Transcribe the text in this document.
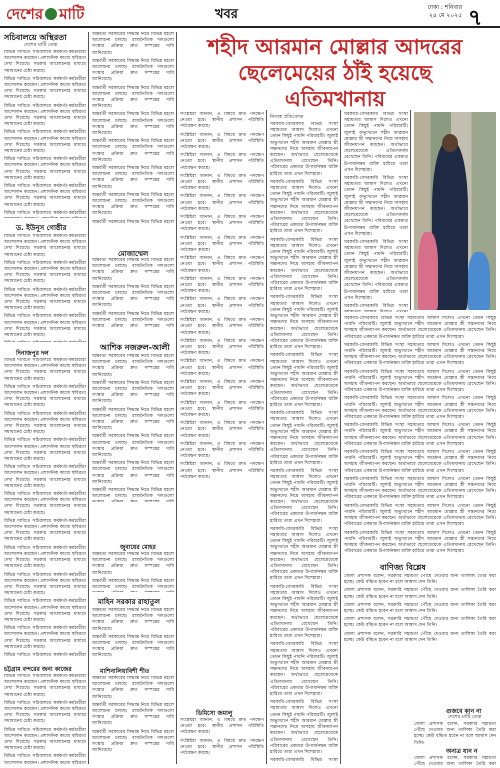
দেশের মাটি	খবর	ঢাকা : শনিবার
২৪ মে ২০২৫ ৭
শহীদ আরমান মোল্লার আদরের
ছেলেমেয়ের ঠাঁই হয়েছে
এতিমখানায়
নিজস্ব প্রতিবেদক
সরকারি-বেসরকারি বিভিন্ন সংস্থা সহায়তার আশ্বাস দিলেও এখনো তেমন কিছুই পায়নি পরিবারটি। জুলাই অভ্যুত্থানে শহীদ আরমান মোল্লার স্ত্রী সন্তানদের নিয়ে অসহায় জীবনযাপন করছেন। অর্থাভাবে ছেলেমেয়েকে এতিমখানায় রেখেছেন তিনি। পরিবারের একমাত্র উপার্জনক্ষম ব্যক্তি হারিয়ে তারা এখন দিশেহারা।
সরকারি-বেসরকারি বিভিন্ন সংস্থা সহায়তার আশ্বাস দিলেও এখনো তেমন কিছুই পায়নি পরিবারটি। জুলাই অভ্যুত্থানে শহীদ আরমান মোল্লার স্ত্রী সন্তানদের নিয়ে অসহায় জীবনযাপন করছেন। অর্থাভাবে ছেলেমেয়েকে এতিমখানায় রেখেছেন তিনি। পরিবারের একমাত্র উপার্জনক্ষম ব্যক্তি হারিয়ে তারা এখন দিশেহারা।
সরকারি-বেসরকারি বিভিন্ন সংস্থা সহায়তার আশ্বাস দিলেও এখনো তেমন কিছুই পায়নি পরিবারটি। জুলাই অভ্যুত্থানে শহীদ আরমান মোল্লার স্ত্রী সন্তানদের নিয়ে অসহায় জীবনযাপন করছেন। অর্থাভাবে ছেলেমেয়েকে এতিমখানায় রেখেছেন তিনি। পরিবারের একমাত্র উপার্জনক্ষম ব্যক্তি হারিয়ে তারা এখন দিশেহারা।
সরকারি-বেসরকারি বিভিন্ন সংস্থা সহায়তার আশ্বাস দিলেও এখনো তেমন কিছুই পায়নি পরিবারটি। জুলাই অভ্যুত্থানে শহীদ আরমান মোল্লার স্ত্রী সন্তানদের নিয়ে অসহায় জীবনযাপন করছেন। অর্থাভাবে ছেলেমেয়েকে এতিমখানায় রেখেছেন তিনি। পরিবারের একমাত্র উপার্জনক্ষম ব্যক্তি হারিয়ে তারা এখন দিশেহারা।
সরকারি-বেসরকারি বিভিন্ন সংস্থা সহায়তার আশ্বাস দিলেও এখনো তেমন কিছুই পায়নি পরিবারটি। জুলাই অভ্যুত্থানে শহীদ আরমান মোল্লার স্ত্রী সন্তানদের নিয়ে অসহায় জীবনযাপন করছেন। অর্থাভাবে ছেলেমেয়েকে এতিমখানায় রেখেছেন তিনি। পরিবারের একমাত্র উপার্জনক্ষম ব্যক্তি হারিয়ে তারা এখন দিশেহারা।
সরকারি-বেসরকারি বিভিন্ন সংস্থা সহায়তার আশ্বাস দিলেও এখনো তেমন কিছুই পায়নি পরিবারটি। জুলাই অভ্যুত্থানে শহীদ আরমান মোল্লার স্ত্রী সন্তানদের নিয়ে অসহায় জীবনযাপন করছেন। অর্থাভাবে ছেলেমেয়েকে এতিমখানায় রেখেছেন তিনি। পরিবারের একমাত্র উপার্জনক্ষম ব্যক্তি হারিয়ে তারা এখন দিশেহারা।
সরকারি-বেসরকারি বিভিন্ন সংস্থা সহায়তার আশ্বাস দিলেও এখনো তেমন কিছুই পায়নি পরিবারটি। জুলাই অভ্যুত্থানে শহীদ আরমান মোল্লার স্ত্রী সন্তানদের নিয়ে অসহায় জীবনযাপন করছেন। অর্থাভাবে ছেলেমেয়েকে এতিমখানায় রেখেছেন তিনি। পরিবারের একমাত্র উপার্জনক্ষম ব্যক্তি হারিয়ে তারা এখন দিশেহারা।
সরকারি-বেসরকারি বিভিন্ন সংস্থা সহায়তার আশ্বাস দিলেও এখনো তেমন কিছুই পায়নি পরিবারটি। জুলাই অভ্যুত্থানে শহীদ আরমান মোল্লার স্ত্রী সন্তানদের নিয়ে অসহায় জীবনযাপন করছেন। অর্থাভাবে ছেলেমেয়েকে এতিমখানায় রেখেছেন তিনি। পরিবারের একমাত্র উপার্জনক্ষম ব্যক্তি হারিয়ে তারা এখন দিশেহারা।
সরকারি-বেসরকারি বিভিন্ন সংস্থা সহায়তার আশ্বাস দিলেও এখনো তেমন কিছুই পায়নি পরিবারটি। জুলাই অভ্যুত্থানে শহীদ আরমান মোল্লার স্ত্রী সন্তানদের নিয়ে অসহায় জীবনযাপন করছেন। অর্থাভাবে ছেলেমেয়েকে এতিমখানায় রেখেছেন তিনি। পরিবারের একমাত্র উপার্জনক্ষম ব্যক্তি হারিয়ে তারা এখন দিশেহারা।
সরকারি-বেসরকারি বিভিন্ন সংস্থা সহায়তার আশ্বাস দিলেও এখনো তেমন কিছুই পায়নি পরিবারটি। জুলাই অভ্যুত্থানে শহীদ আরমান মোল্লার স্ত্রী সন্তানদের নিয়ে অসহায় জীবনযাপন করছেন। অর্থাভাবে ছেলেমেয়েকে এতিমখানায় রেখেছেন তিনি। পরিবারের একমাত্র উপার্জনক্ষম ব্যক্তি হারিয়ে তারা এখন দিশেহারা।
সরকারি-বেসরকারি বিভিন্ন সংস্থা সহায়তার আশ্বাস দিলেও এখনো তেমন কিছুই পায়নি পরিবারটি। জুলাই অভ্যুত্থানে শহীদ আরমান মোল্লার স্ত্রী সন্তানদের নিয়ে অসহায় জীবনযাপন করছেন। অর্থাভাবে ছেলেমেয়েকে এতিমখানায় রেখেছেন তিনি। পরিবারের একমাত্র উপার্জনক্ষম ব্যক্তি হারিয়ে তারা এখন দিশেহারা।
সরকারি-বেসরকারি বিভিন্ন সংস্থা
সরকারি-বেসরকারি বিভিন্ন সংস্থা সহায়তার আশ্বাস দিলেও এখনো তেমন কিছুই পায়নি পরিবারটি। জুলাই অভ্যুত্থানে শহীদ আরমান মোল্লার স্ত্রী সন্তানদের নিয়ে অসহায় জীবনযাপন করছেন। অর্থাভাবে ছেলেমেয়েকে এতিমখানায় রেখেছেন তিনি। পরিবারের একমাত্র উপার্জনক্ষম ব্যক্তি হারিয়ে তারা এখন দিশেহারা।
সরকারি-বেসরকারি বিভিন্ন সংস্থা সহায়তার আশ্বাস দিলেও এখনো তেমন কিছুই পায়নি পরিবারটি। জুলাই অভ্যুত্থানে শহীদ আরমান মোল্লার স্ত্রী সন্তানদের নিয়ে অসহায় জীবনযাপন করছেন। অর্থাভাবে ছেলেমেয়েকে এতিমখানায় রেখেছেন তিনি। পরিবারের একমাত্র উপার্জনক্ষম ব্যক্তি হারিয়ে তারা এখন দিশেহারা।
সরকারি-বেসরকারি বিভিন্ন সংস্থা সহায়তার আশ্বাস দিলেও এখনো তেমন কিছুই পায়নি পরিবারটি। জুলাই অভ্যুত্থানে শহীদ আরমান মোল্লার স্ত্রী সন্তানদের নিয়ে অসহায় জীবনযাপন করছেন। অর্থাভাবে ছেলেমেয়েকে এতিমখানায় রেখেছেন তিনি। পরিবারের একমাত্র উপার্জনক্ষম ব্যক্তি হারিয়ে তারা এখন দিশেহারা।
সরকারি-বেসরকারি বিভিন্ন সংস্থা
সরকারি-বেসরকারি বিভিন্ন সংস্থা সহায়তার আশ্বাস দিলেও এখনো তেমন কিছুই পায়নি পরিবারটি। জুলাই অভ্যুত্থানে শহীদ আরমান মোল্লার স্ত্রী সন্তানদের নিয়ে অসহায় জীবনযাপন করছেন। অর্থাভাবে ছেলেমেয়েকে এতিমখানায় রেখেছেন তিনি। পরিবারের একমাত্র উপার্জনক্ষম ব্যক্তি হারিয়ে তারা এখন দিশেহারা।
সরকারি-বেসরকারি বিভিন্ন সংস্থা সহায়তার আশ্বাস দিলেও এখনো তেমন কিছুই পায়নি পরিবারটি। জুলাই অভ্যুত্থানে শহীদ আরমান মোল্লার স্ত্রী সন্তানদের নিয়ে অসহায় জীবনযাপন করছেন। অর্থাভাবে ছেলেমেয়েকে এতিমখানায় রেখেছেন তিনি। পরিবারের একমাত্র উপার্জনক্ষম ব্যক্তি হারিয়ে তারা এখন দিশেহারা।
সরকারি-বেসরকারি বিভিন্ন সংস্থা সহায়তার আশ্বাস দিলেও এখনো তেমন কিছুই পায়নি পরিবারটি। জুলাই অভ্যুত্থানে শহীদ আরমান মোল্লার স্ত্রী সন্তানদের নিয়ে অসহায় জীবনযাপন করছেন। অর্থাভাবে ছেলেমেয়েকে এতিমখানায় রেখেছেন তিনি। পরিবারের একমাত্র উপার্জনক্ষম ব্যক্তি হারিয়ে তারা এখন দিশেহারা।
সরকারি-বেসরকারি বিভিন্ন সংস্থা সহায়তার আশ্বাস দিলেও এখনো তেমন কিছুই পায়নি পরিবারটি। জুলাই অভ্যুত্থানে শহীদ আরমান মোল্লার স্ত্রী সন্তানদের নিয়ে অসহায় জীবনযাপন করছেন। অর্থাভাবে ছেলেমেয়েকে এতিমখানায় রেখেছেন তিনি। পরিবারের একমাত্র উপার্জনক্ষম ব্যক্তি হারিয়ে তারা এখন দিশেহারা।
সরকারি-বেসরকারি বিভিন্ন সংস্থা সহায়তার আশ্বাস দিলেও এখনো তেমন কিছুই পায়নি পরিবারটি। জুলাই অভ্যুত্থানে শহীদ আরমান মোল্লার স্ত্রী সন্তানদের নিয়ে অসহায় জীবনযাপন করছেন। অর্থাভাবে ছেলেমেয়েকে এতিমখানায় রেখেছেন তিনি। পরিবারের একমাত্র উপার্জনক্ষম ব্যক্তি হারিয়ে তারা এখন দিশেহারা।
সরকারি-বেসরকারি বিভিন্ন সংস্থা সহায়তার আশ্বাস দিলেও এখনো তেমন কিছুই পায়নি পরিবারটি। জুলাই অভ্যুত্থানে শহীদ আরমান মোল্লার স্ত্রী সন্তানদের নিয়ে অসহায় জীবনযাপন করছেন। অর্থাভাবে ছেলেমেয়েকে এতিমখানায় রেখেছেন তিনি। পরিবারের একমাত্র উপার্জনক্ষম ব্যক্তি হারিয়ে তারা এখন দিশেহারা।
সরকারি-বেসরকারি বিভিন্ন সংস্থা সহায়তার আশ্বাস দিলেও এখনো তেমন কিছুই পায়নি পরিবারটি। জুলাই অভ্যুত্থানে শহীদ আরমান মোল্লার স্ত্রী সন্তানদের নিয়ে অসহায় জীবনযাপন করছেন। অর্থাভাবে ছেলেমেয়েকে এতিমখানায় রেখেছেন তিনি। পরিবারের একমাত্র উপার্জনক্ষম ব্যক্তি হারিয়ে তারা এখন দিশেহারা।
সরকারি-বেসরকারি বিভিন্ন সংস্থা সহায়তার আশ্বাস দিলেও এখনো তেমন কিছুই পায়নি পরিবারটি। জুলাই অভ্যুত্থানে শহীদ আরমান মোল্লার স্ত্রী সন্তানদের নিয়ে অসহায় জীবনযাপন করছেন। অর্থাভাবে ছেলেমেয়েকে এতিমখানায় রেখেছেন তিনি। পরিবারের একমাত্র উপার্জনক্ষম ব্যক্তি হারিয়ে তারা এখন দিশেহারা।
সরকারি-বেসরকারি বিভিন্ন সংস্থা সহায়তার আশ্বাস দিলেও এখনো তেমন কিছুই পায়নি পরিবারটি। জুলাই অভ্যুত্থানে শহীদ আরমান মোল্লার স্ত্রী সন্তানদের নিয়ে অসহায় জীবনযাপন করছেন। অর্থাভাবে ছেলেমেয়েকে এতিমখানায় রেখেছেন তিনি। পরিবারের একমাত্র উপার্জনক্ষম ব্যক্তি হারিয়ে তারা এখন দিশেহারা।
সচিবালয়ে অস্থিরতা
দেশের মাটি ডেস্ক
বিভিন্ন দাবিতে সচিবালয়ে কর্মকর্তা-কর্মচারীরা আন্দোলন করছেন। প্রশাসনিক কাজে স্থবিরতা দেখা দিয়েছে। সরকার আলোচনার মাধ্যমে সমাধানের চেষ্টা করছে।
বিভিন্ন দাবিতে সচিবালয়ে কর্মকর্তা-কর্মচারীরা আন্দোলন করছেন। প্রশাসনিক কাজে স্থবিরতা দেখা দিয়েছে। সরকার আলোচনার মাধ্যমে সমাধানের চেষ্টা করছে।
বিভিন্ন দাবিতে সচিবালয়ে কর্মকর্তা-কর্মচারীরা আন্দোলন করছেন। প্রশাসনিক কাজে স্থবিরতা দেখা দিয়েছে। সরকার আলোচনার মাধ্যমে সমাধানের চেষ্টা করছে।
বিভিন্ন দাবিতে সচিবালয়ে কর্মকর্তা-কর্মচারীরা আন্দোলন করছেন। প্রশাসনিক কাজে স্থবিরতা দেখা দিয়েছে। সরকার আলোচনার মাধ্যমে সমাধানের চেষ্টা করছে।
বিভিন্ন দাবিতে সচিবালয়ে কর্মকর্তা-কর্মচারীরা আন্দোলন করছেন। প্রশাসনিক কাজে স্থবিরতা দেখা দিয়েছে। সরকার আলোচনার মাধ্যমে সমাধানের চেষ্টা করছে।
বিভিন্ন দাবিতে সচিবালয়ে কর্মকর্তা-কর্মচারীরা আন্দোলন করছেন। প্রশাসনিক কাজে স্থবিরতা দেখা দিয়েছে। সরকার আলোচনার মাধ্যমে সমাধানের চেষ্টা করছে।
বিভিন্ন দাবিতে সচিবালয়ে কর্মকর্তা-কর্মচারীরা
ড. ইউনূস গোষ্ঠীর
বিভিন্ন দাবিতে সচিবালয়ে কর্মকর্তা-কর্মচারীরা আন্দোলন করছেন। প্রশাসনিক কাজে স্থবিরতা দেখা দিয়েছে। সরকার আলোচনার মাধ্যমে সমাধানের চেষ্টা করছে।
বিভিন্ন দাবিতে সচিবালয়ে কর্মকর্তা-কর্মচারীরা আন্দোলন করছেন। প্রশাসনিক কাজে স্থবিরতা দেখা দিয়েছে। সরকার আলোচনার মাধ্যমে সমাধানের চেষ্টা করছে।
বিভিন্ন দাবিতে সচিবালয়ে কর্মকর্তা-কর্মচারীরা আন্দোলন করছেন। প্রশাসনিক কাজে স্থবিরতা দেখা দিয়েছে। সরকার আলোচনার মাধ্যমে সমাধানের চেষ্টা করছে।
বিভিন্ন দাবিতে সচিবালয়ে কর্মকর্তা-কর্মচারীরা আন্দোলন করছেন। প্রশাসনিক কাজে স্থবিরতা দেখা দিয়েছে। সরকার আলোচনার মাধ্যমে সমাধানের চেষ্টা করছে।
দিনাজপুর দল
বিভিন্ন দাবিতে সচিবালয়ে কর্মকর্তা-কর্মচারীরা আন্দোলন করছেন। প্রশাসনিক কাজে স্থবিরতা দেখা দিয়েছে। সরকার আলোচনার মাধ্যমে সমাধানের চেষ্টা করছে।
বিভিন্ন দাবিতে সচিবালয়ে কর্মকর্তা-কর্মচারীরা আন্দোলন করছেন। প্রশাসনিক কাজে স্থবিরতা দেখা দিয়েছে। সরকার আলোচনার মাধ্যমে সমাধানের চেষ্টা করছে।
বিভিন্ন দাবিতে সচিবালয়ে কর্মকর্তা-কর্মচারীরা আন্দোলন করছেন। প্রশাসনিক কাজে স্থবিরতা দেখা দিয়েছে। সরকার আলোচনার মাধ্যমে সমাধানের চেষ্টা করছে।
বিভিন্ন দাবিতে সচিবালয়ে কর্মকর্তা-কর্মচারীরা আন্দোলন করছেন। প্রশাসনিক কাজে স্থবিরতা দেখা দিয়েছে। সরকার আলোচনার মাধ্যমে সমাধানের চেষ্টা করছে।
বিভিন্ন দাবিতে সচিবালয়ে কর্মকর্তা-কর্মচারীরা আন্দোলন করছেন। প্রশাসনিক কাজে স্থবিরতা দেখা দিয়েছে। সরকার আলোচনার মাধ্যমে সমাধানের চেষ্টা করছে।
বিভিন্ন দাবিতে সচিবালয়ে কর্মকর্তা-কর্মচারীরা আন্দোলন করছেন। প্রশাসনিক কাজে স্থবিরতা দেখা দিয়েছে। সরকার আলোচনার মাধ্যমে সমাধানের চেষ্টা করছে।
বিভিন্ন দাবিতে সচিবালয়ে কর্মকর্তা-কর্মচারীরা আন্দোলন করছেন। প্রশাসনিক কাজে স্থবিরতা দেখা দিয়েছে। সরকার আলোচনার মাধ্যমে সমাধানের চেষ্টা করছে।
বিভিন্ন দাবিতে সচিবালয়ে কর্মকর্তা-কর্মচারীরা আন্দোলন করছেন। প্রশাসনিক কাজে স্থবিরতা দেখা দিয়েছে। সরকার আলোচনার মাধ্যমে সমাধানের চেষ্টা করছে।
বিভিন্ন দাবিতে সচিবালয়ে কর্মকর্তা-কর্মচারীরা আন্দোলন করছেন। প্রশাসনিক কাজে স্থবিরতা দেখা দিয়েছে। সরকার আলোচনার মাধ্যমে সমাধানের চেষ্টা করছে।
বিভিন্ন দাবিতে সচিবালয়ে কর্মকর্তা-কর্মচারীরা আন্দোলন করছেন। প্রশাসনিক কাজে স্থবিরতা দেখা দিয়েছে। সরকার আলোচনার মাধ্যমে সমাধানের চেষ্টা করছে।
বিভিন্ন দাবিতে সচিবালয়ে কর্মকর্তা-কর্মচারীরা আন্দোলন করছেন। প্রশাসনিক কাজে স্থবিরতা দেখা দিয়েছে। সরকার আলোচনার মাধ্যমে সমাধানের চেষ্টা করছে।
বিভিন্ন দাবিতে সচিবালয়ে কর্মকর্তা-কর্মচারীরা
চট্টগ্রাম বন্দরের জন্য কাজের
বিভিন্ন দাবিতে সচিবালয়ে কর্মকর্তা-কর্মচারীরা আন্দোলন করছেন। প্রশাসনিক কাজে স্থবিরতা দেখা দিয়েছে। সরকার আলোচনার মাধ্যমে সমাধানের চেষ্টা করছে।
বিভিন্ন দাবিতে সচিবালয়ে কর্মকর্তা-কর্মচারীরা আন্দোলন করছেন। প্রশাসনিক কাজে স্থবিরতা দেখা দিয়েছে। সরকার আলোচনার মাধ্যমে সমাধানের চেষ্টা করছে।
বিভিন্ন দাবিতে সচিবালয়ে কর্মকর্তা-কর্মচারীরা আন্দোলন করছেন। প্রশাসনিক কাজে স্থবিরতা দেখা দিয়েছে। সরকার আলোচনার মাধ্যমে সমাধানের চেষ্টা করছে।
বিভিন্ন দাবিতে সচিবালয়ে কর্মকর্তা-কর্মচারীরা আন্দোলন করছেন। প্রশাসনিক কাজে স্থবিরতা
অন্তর্বর্তী সরকারের সিদ্ধান্ত নিয়ে বিভিন্ন মহলে আলোচনা চলছে। রাজনৈতিক দলগুলো সংস্কার প্রক্রিয়া দ্রুত সম্পন্নের দাবি জানিয়েছে।
অন্তর্বর্তী সরকারের সিদ্ধান্ত নিয়ে বিভিন্ন মহলে আলোচনা চলছে। রাজনৈতিক দলগুলো সংস্কার প্রক্রিয়া দ্রুত সম্পন্নের দাবি জানিয়েছে।
অন্তর্বর্তী সরকারের সিদ্ধান্ত নিয়ে বিভিন্ন মহলে আলোচনা চলছে। রাজনৈতিক দলগুলো সংস্কার প্রক্রিয়া দ্রুত সম্পন্নের দাবি জানিয়েছে।
অন্তর্বর্তী সরকারের সিদ্ধান্ত নিয়ে বিভিন্ন মহলে আলোচনা চলছে। রাজনৈতিক দলগুলো সংস্কার প্রক্রিয়া দ্রুত সম্পন্নের দাবি জানিয়েছে।
অন্তর্বর্তী সরকারের সিদ্ধান্ত নিয়ে বিভিন্ন মহলে আলোচনা চলছে। রাজনৈতিক দলগুলো সংস্কার প্রক্রিয়া দ্রুত সম্পন্নের দাবি জানিয়েছে।
অন্তর্বর্তী সরকারের সিদ্ধান্ত নিয়ে বিভিন্ন মহলে আলোচনা চলছে। রাজনৈতিক দলগুলো সংস্কার প্রক্রিয়া দ্রুত সম্পন্নের দাবি জানিয়েছে।
অন্তর্বর্তী সরকারের সিদ্ধান্ত নিয়ে বিভিন্ন মহলে আলোচনা চলছে। রাজনৈতিক দলগুলো সংস্কার প্রক্রিয়া দ্রুত সম্পন্নের দাবি জানিয়েছে।
অন্তর্বর্তী সরকারের সিদ্ধান্ত নিয়ে বিভিন্ন মহলে
মোজাম্মেল
অন্তর্বর্তী সরকারের সিদ্ধান্ত নিয়ে বিভিন্ন মহলে আলোচনা চলছে। রাজনৈতিক দলগুলো সংস্কার প্রক্রিয়া দ্রুত সম্পন্নের দাবি জানিয়েছে।
অন্তর্বর্তী সরকারের সিদ্ধান্ত নিয়ে বিভিন্ন মহলে আলোচনা চলছে। রাজনৈতিক দলগুলো সংস্কার প্রক্রিয়া দ্রুত সম্পন্নের দাবি জানিয়েছে।
অন্তর্বর্তী সরকারের সিদ্ধান্ত নিয়ে বিভিন্ন মহলে আলোচনা চলছে। রাজনৈতিক দলগুলো সংস্কার প্রক্রিয়া দ্রুত সম্পন্নের দাবি
আশিক নজরুল-আলী
অন্তর্বর্তী সরকারের সিদ্ধান্ত নিয়ে বিভিন্ন মহলে আলোচনা চলছে। রাজনৈতিক দলগুলো সংস্কার প্রক্রিয়া দ্রুত সম্পন্নের দাবি জানিয়েছে।
অন্তর্বর্তী সরকারের সিদ্ধান্ত নিয়ে বিভিন্ন মহলে আলোচনা চলছে। রাজনৈতিক দলগুলো সংস্কার প্রক্রিয়া দ্রুত সম্পন্নের দাবি জানিয়েছে।
অন্তর্বর্তী সরকারের সিদ্ধান্ত নিয়ে বিভিন্ন মহলে আলোচনা চলছে। রাজনৈতিক দলগুলো সংস্কার প্রক্রিয়া দ্রুত সম্পন্নের দাবি জানিয়েছে।
অন্তর্বর্তী সরকারের সিদ্ধান্ত নিয়ে বিভিন্ন মহলে আলোচনা চলছে। রাজনৈতিক দলগুলো সংস্কার প্রক্রিয়া দ্রুত সম্পন্নের দাবি জানিয়েছে।
অন্তর্বর্তী সরকারের সিদ্ধান্ত নিয়ে বিভিন্ন মহলে আলোচনা চলছে। রাজনৈতিক দলগুলো সংস্কার প্রক্রিয়া দ্রুত সম্পন্নের দাবি জানিয়েছে।
অন্তর্বর্তী সরকারের সিদ্ধান্ত নিয়ে বিভিন্ন মহলে আলোচনা চলছে। রাজনৈতিক দলগুলো
জুবায়ের মোহর
অন্তর্বর্তী সরকারের সিদ্ধান্ত নিয়ে বিভিন্ন মহলে আলোচনা চলছে। রাজনৈতিক দলগুলো সংস্কার প্রক্রিয়া দ্রুত সম্পন্নের দাবি জানিয়েছে।
অন্তর্বর্তী সরকারের সিদ্ধান্ত নিয়ে বিভিন্ন মহলে আলোচনা চলছে। রাজনৈতিক দলগুলো
মাহিন সরকার রাহাতুল
অন্তর্বর্তী সরকারের সিদ্ধান্ত নিয়ে বিভিন্ন মহলে আলোচনা চলছে। রাজনৈতিক দলগুলো সংস্কার প্রক্রিয়া দ্রুত সম্পন্নের দাবি জানিয়েছে।
অন্তর্বর্তী সরকারের সিদ্ধান্ত নিয়ে বিভিন্ন মহলে আলোচনা চলছে। রাজনৈতিক দলগুলো সংস্কার প্রক্রিয়া দ্রুত সম্পন্নের দাবি জানিয়েছে।
মাশিনালিয়াবিশী শীত
অন্তর্বর্তী সরকারের সিদ্ধান্ত নিয়ে বিভিন্ন মহলে আলোচনা চলছে। রাজনৈতিক দলগুলো সংস্কার প্রক্রিয়া দ্রুত সম্পন্নের দাবি জানিয়েছে।
অন্তর্বর্তী সরকারের সিদ্ধান্ত নিয়ে বিভিন্ন মহলে আলোচনা চলছে। রাজনৈতিক দলগুলো সংস্কার প্রক্রিয়া দ্রুত সম্পন্নের দাবি জানিয়েছে।
অন্তর্বর্তী সরকারের সিদ্ধান্ত নিয়ে বিভিন্ন মহলে আলোচনা চলছে। রাজনৈতিক দলগুলো সংস্কার প্রক্রিয়া দ্রুত সম্পন্নের দাবি জানিয়েছে।
সংশ্লিষ্টরা জানান, এ বিষয়ে দ্রুত পদক্ষেপ নেওয়া হবে। স্থানীয় প্রশাসন পরিস্থিতি পর্যবেক্ষণ করছে।
সংশ্লিষ্টরা জানান, এ বিষয়ে দ্রুত পদক্ষেপ নেওয়া হবে। স্থানীয় প্রশাসন পরিস্থিতি পর্যবেক্ষণ করছে।
সংশ্লিষ্টরা জানান, এ বিষয়ে দ্রুত পদক্ষেপ নেওয়া হবে। স্থানীয় প্রশাসন পরিস্থিতি পর্যবেক্ষণ করছে।
সংশ্লিষ্টরা জানান, এ বিষয়ে দ্রুত পদক্ষেপ নেওয়া হবে। স্থানীয় প্রশাসন পরিস্থিতি পর্যবেক্ষণ করছে।
সংশ্লিষ্টরা জানান, এ বিষয়ে দ্রুত পদক্ষেপ নেওয়া হবে। স্থানীয় প্রশাসন পরিস্থিতি পর্যবেক্ষণ করছে।
সংশ্লিষ্টরা জানান, এ বিষয়ে দ্রুত পদক্ষেপ নেওয়া হবে। স্থানীয় প্রশাসন পরিস্থিতি পর্যবেক্ষণ করছে।
সংশ্লিষ্টরা জানান, এ বিষয়ে দ্রুত পদক্ষেপ নেওয়া হবে। স্থানীয় প্রশাসন পরিস্থিতি পর্যবেক্ষণ করছে।
সংশ্লিষ্টরা জানান, এ বিষয়ে দ্রুত পদক্ষেপ নেওয়া হবে। স্থানীয় প্রশাসন পরিস্থিতি পর্যবেক্ষণ করছে।
সংশ্লিষ্টরা জানান, এ বিষয়ে দ্রুত পদক্ষেপ নেওয়া হবে। স্থানীয় প্রশাসন পরিস্থিতি পর্যবেক্ষণ করছে।
সংশ্লিষ্টরা জানান, এ বিষয়ে দ্রুত পদক্ষেপ নেওয়া হবে। স্থানীয় প্রশাসন পরিস্থিতি পর্যবেক্ষণ করছে।
সংশ্লিষ্টরা জানান, এ বিষয়ে দ্রুত পদক্ষেপ নেওয়া হবে। স্থানীয় প্রশাসন পরিস্থিতি পর্যবেক্ষণ করছে।
সংশ্লিষ্টরা জানান, এ বিষয়ে দ্রুত পদক্ষেপ নেওয়া হবে। স্থানীয় প্রশাসন পরিস্থিতি পর্যবেক্ষণ করছে।
সংশ্লিষ্টরা জানান, এ বিষয়ে দ্রুত পদক্ষেপ নেওয়া হবে। স্থানীয় প্রশাসন পরিস্থিতি পর্যবেক্ষণ করছে।
সংশ্লিষ্টরা জানান, এ বিষয়ে দ্রুত পদক্ষেপ নেওয়া হবে। স্থানীয় প্রশাসন পরিস্থিতি পর্যবেক্ষণ করছে।
সংশ্লিষ্টরা জানান, এ বিষয়ে দ্রুত পদক্ষেপ নেওয়া হবে। স্থানীয় প্রশাসন পরিস্থিতি পর্যবেক্ষণ করছে।
সংশ্লিষ্টরা জানান, এ বিষয়ে দ্রুত পদক্ষেপ নেওয়া হবে। স্থানীয় প্রশাসন পরিস্থিতি পর্যবেক্ষণ করছে।
সংশ্লিষ্টরা জানান, এ বিষয়ে দ্রুত পদক্ষেপ নেওয়া হবে। স্থানীয় প্রশাসন পরিস্থিতি পর্যবেক্ষণ করছে।
সংশ্লিষ্টরা জানান, এ বিষয়ে দ্রুত পদক্ষেপ নেওয়া হবে। স্থানীয় প্রশাসন পরিস্থিতি পর্যবেক্ষণ করছে।
ডিমিসো জমালু
সংশ্লিষ্টরা জানান, এ বিষয়ে দ্রুত পদক্ষেপ নেওয়া হবে। স্থানীয় প্রশাসন পরিস্থিতি পর্যবেক্ষণ করছে।
সংশ্লিষ্টরা জানান, এ বিষয়ে দ্রুত পদক্ষেপ নেওয়া হবে। স্থানীয় প্রশাসন পরিস্থিতি পর্যবেক্ষণ করছে।
বাণিজ্য বিশ্লেষ
জেলা প্রশাসক বলেন, সরকারি সহায়তা পৌঁছে দেওয়ার জন্য তালিকা তৈরি করা হচ্ছে। কেউ বঞ্চিত হবেন না বলে আশ্বাস দেন তিনি।
জেলা প্রশাসক বলেন, সরকারি সহায়তা পৌঁছে দেওয়ার জন্য তালিকা তৈরি করা হচ্ছে। কেউ বঞ্চিত হবেন না বলে আশ্বাস দেন তিনি।
জেলা প্রশাসক বলেন, সরকারি সহায়তা পৌঁছে দেওয়ার জন্য তালিকা তৈরি করা হচ্ছে। কেউ বঞ্চিত হবেন না বলে আশ্বাস দেন তিনি।
জেলা প্রশাসক বলেন, সরকারি সহায়তা পৌঁছে দেওয়ার জন্য তালিকা তৈরি করা হচ্ছে। কেউ বঞ্চিত হবেন না বলে আশ্বাস দেন তিনি।
জেলা প্রশাসক বলেন, সরকারি সহায়তা পৌঁছে দেওয়ার জন্য তালিকা তৈরি করা হচ্ছে। কেউ বঞ্চিত হবেন না বলে আশ্বাস দেন তিনি।
গুজবে কান না
দেশের মাটি ডেস্ক
জেলা প্রশাসক বলেন, সরকারি সহায়তা পৌঁছে দেওয়ার জন্য তালিকা তৈরি করা হচ্ছে। কেউ বঞ্চিত হবেন না বলে আশ্বাস দেন তিনি।
অন্যত্র যান ন
জেলা প্রশাসক বলেন, সরকারি সহায়তা পৌঁছে দেওয়ার জন্য তালিকা তৈরি করা
